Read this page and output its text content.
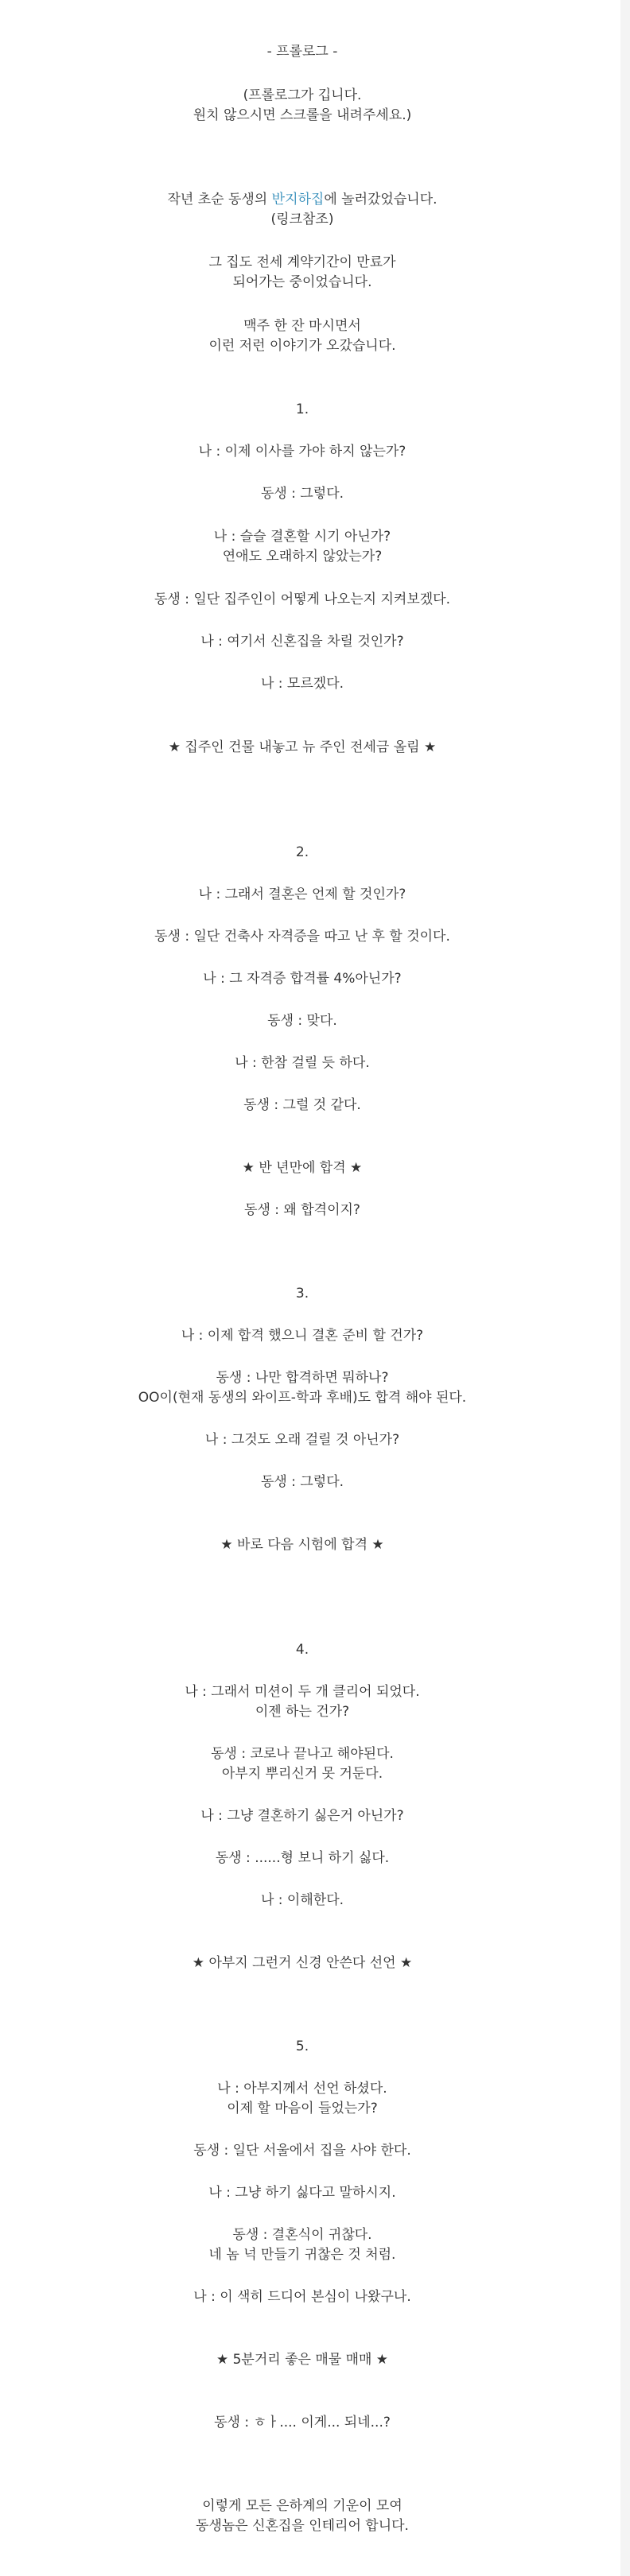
- 프롤로그 -
(프롤로그가 깁니다.
원치 않으시면 스크롤을 내려주세요.)
작년 초순 동생의 반지하집에 놀러갔었습니다.
(링크참조)
그 집도 전세 계약기간이 만료가
되어가는 중이었습니다.
맥주 한 잔 마시면서
이런 저런 이야기가 오갔습니다.
1.
나 : 이제 이사를 가야 하지 않는가?
동생 : 그렇다.
나 : 슬슬 결혼할 시기 아닌가?
연애도 오래하지 않았는가?
동생 : 일단 집주인이 어떻게 나오는지 지켜보겠다.
나 : 여기서 신혼집을 차릴 것인가?
나 : 모르겠다.
★ 집주인 건물 내놓고 뉴 주인 전세금 올림 ★
2.
나 : 그래서 결혼은 언제 할 것인가?
동생 : 일단 건축사 자격증을 따고 난 후 할 것이다.
나 : 그 자격증 합격률 4%아닌가?
동생 : 맞다.
나 : 한참 걸릴 듯 하다.
동생 : 그럴 것 같다.
★ 반 년만에 합격 ★
동생 : 왜 합격이지?
3.
나 : 이제 합격 했으니 결혼 준비 할 건가?
동생 : 나만 합격하면 뭐하나?
OO이(현재 동생의 와이프-학과 후배)도 합격 해야 된다.
나 : 그것도 오래 걸릴 것 아닌가?
동생 : 그렇다.
★ 바로 다음 시험에 합격 ★
4.
나 : 그래서 미션이 두 개 클리어 되었다.
이젠 하는 건가?
동생 : 코로나 끝나고 해야된다.
아부지 뿌리신거 못 거둔다.
나 : 그냥 결혼하기 싫은거 아닌가?
동생 : ......형 보니 하기 싫다.
나 : 이해한다.
★ 아부지 그런거 신경 안쓴다 선언 ★
5.
나 : 아부지께서 선언 하셨다.
이제 할 마음이 들었는가?
동생 : 일단 서울에서 집을 사야 한다.
나 : 그냥 하기 싫다고 말하시지.
동생 : 결혼식이 귀찮다.
네 놈 넉 만들기 귀찮은 것 처럼.
나 : 이 색히 드디어 본심이 나왔구나.
★ 5분거리 좋은 매물 매매 ★
동생 : ㅎㅏ.... 이게... 되네...?
이렇게 모든 은하계의 기운이 모여
동생놈은 신혼집을 인테리어 합니다.
